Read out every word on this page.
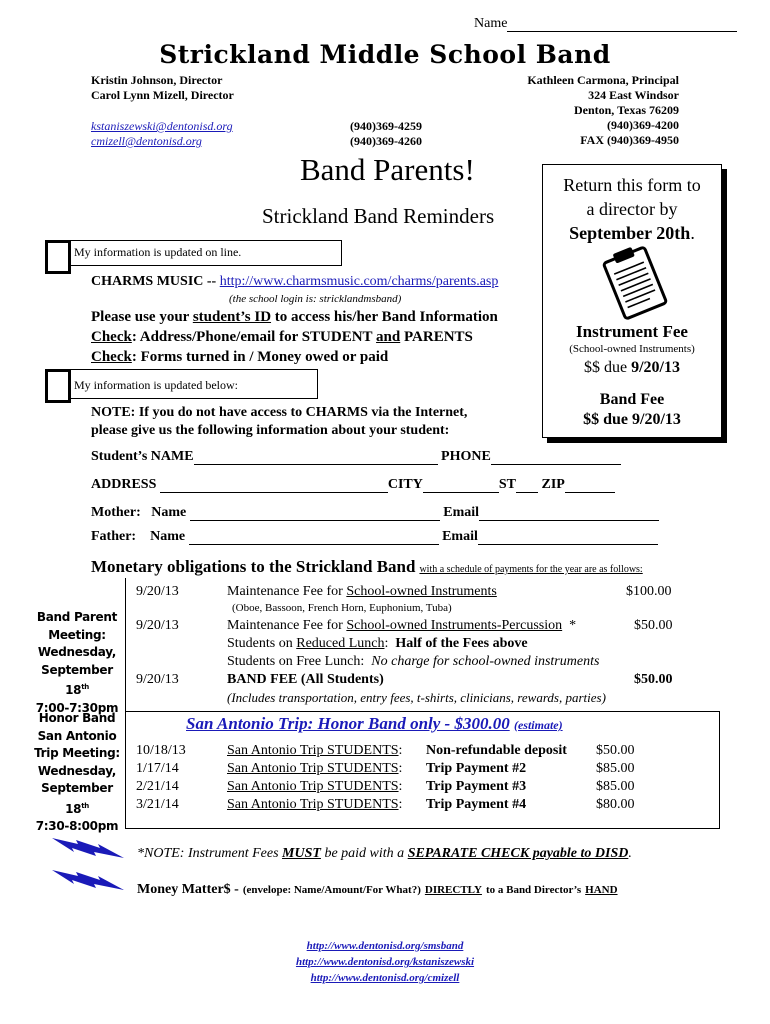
Name
Strickland Middle School Band
Kristin Johnson, Director
Carol Lynn Mizell, Director
kstaniszewski@dentonisd.org
cmizell@dentonisd.org
(940)369-4259
(940)369-4260
Kathleen Carmona, Principal
324 East Windsor
Denton, Texas 76209
(940)369-4200
FAX (940)369-4950
Band Parents!
Strickland Band Reminders
My information is updated on line.
CHARMS MUSIC -- http://www.charmsmusic.com/charms/parents.asp
(the school login is: stricklandmsband)
Please use your student’s ID to access his/her Band Information
Check: Address/Phone/email for STUDENT and PARENTS
Check: Forms turned in / Money owed or paid
My information is updated below:
NOTE: If you do not have access to CHARMS via the Internet,
please give us the following information about your student:
Return this form to
a director by
September 20th.
Instrument Fee
(School-owned Instruments)
$$ due 9/20/13
Band Fee
$$ due 9/20/13
Student’s NAME	PHONE
ADDRESS	CITY	ST ZIP
Mother: Name	Email
Father: Name	Email
Monetary obligations to the Strickland Band with a schedule of payments for the year are as follows:
9/20/13	Maintenance Fee for School-owned Instruments	$100.00
(Oboe, Bassoon, French Horn, Euphonium, Tuba)
9/20/13	Maintenance Fee for School-owned Instruments-Percussion *	$50.00
Students on Reduced Lunch: Half of the Fees above
Students on Free Lunch: No charge for school-owned instruments
9/20/13	BAND FEE (All Students)	$50.00
(Includes transportation, entry fees, t-shirts, clinicians, rewards, parties)
Band Parent
Meeting:
Wednesday,
September 18th
7:00-7:30pm
Honor Band
San Antonio
Trip Meeting:
Wednesday,
September 18th
7:30-8:00pm
San Antonio Trip: Honor Band only - $300.00 (estimate)
10/18/13	San Antonio Trip STUDENTS: Non-refundable deposit $50.00
1/17/14	San Antonio Trip STUDENTS: Trip Payment #2	$85.00
2/21/14	San Antonio Trip STUDENTS: Trip Payment #3	$85.00
3/21/14	San Antonio Trip STUDENTS: Trip Payment #4	$80.00
*NOTE: Instrument Fees MUST be paid with a SEPARATE CHECK payable to DISD.
Money Matter$ - (envelope: Name/Amount/For What?) DIRECTLY to a Band Director’s HAND
http://www.dentonisd.org/smsband
http://www.dentonisd.org/kstaniszewski
http://www.dentonisd.org/cmizell
